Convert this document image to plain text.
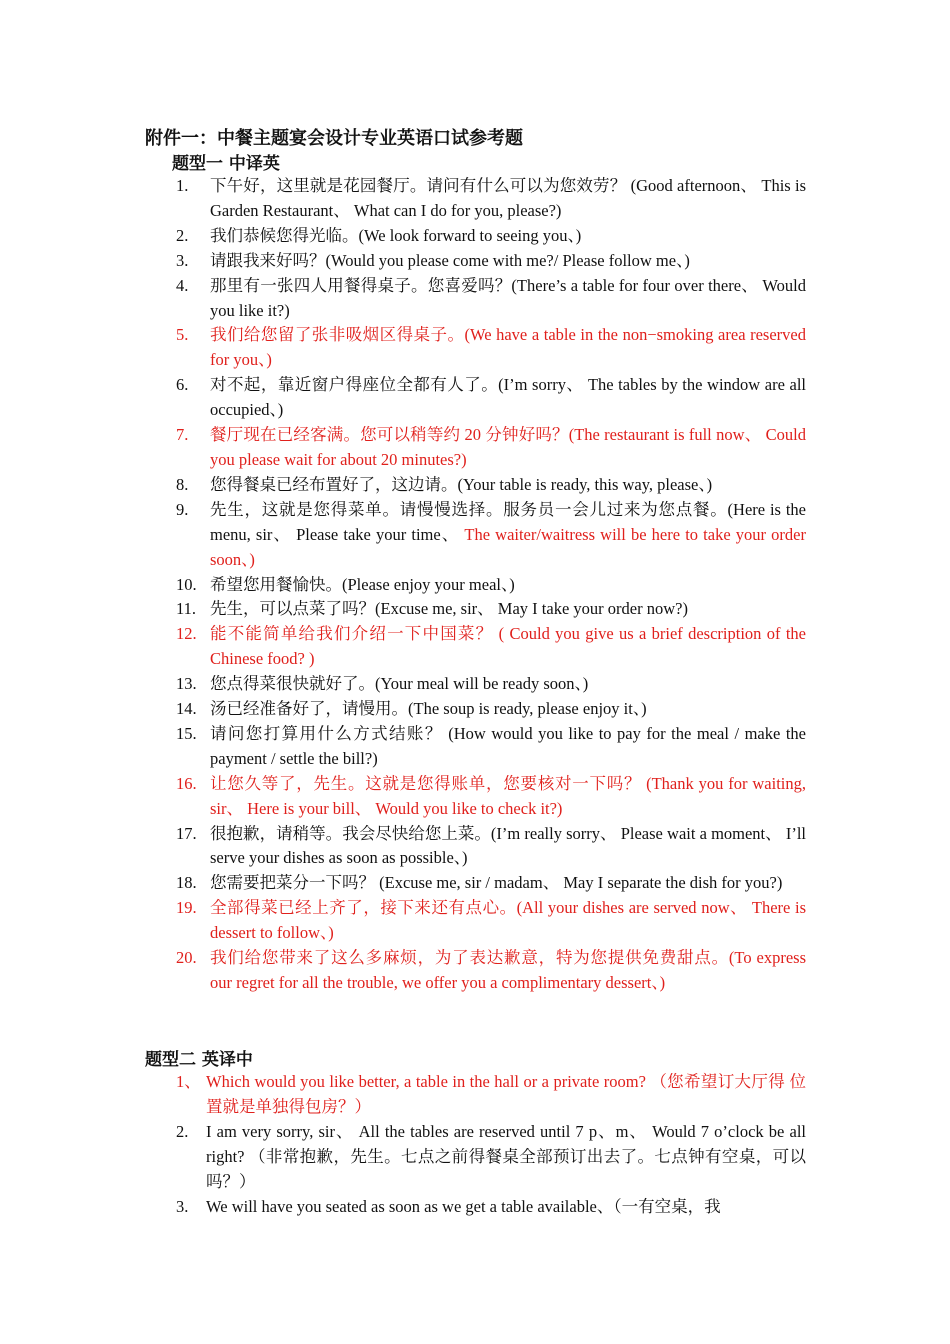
附件一：中餐主题宴会设计专业英语口试参考题
题型一 中译英

1.	下午好，这里就是花园餐厅。请问有什么可以为您效劳？ (Good afternoon、 This is Garden Restaurant、 What can I do for you, please?)

2.	我们恭候您得光临。(We look forward to seeing you、)

3.	请跟我来好吗？(Would you please come with me?/ Please follow me、)

4.	那里有一张四人用餐得桌子。您喜爱吗？(There’s a table for four over there、 Would you like it?)

5.	我们给您留了张非吸烟区得桌子。(We have a table in the non−smoking area reserved for you、)

6.	对不起，靠近窗户得座位全都有人了。(I’m sorry、 The tables by the window are all occupied、)

7.	餐厅现在已经客满。您可以稍等约 20 分钟好吗？(The restaurant is full now、 Could you please wait for about 20 minutes?)

8.	您得餐桌已经布置好了，这边请。(Your table is ready, this way, please、)

9.	先生，这就是您得菜单。请慢慢选择。服务员一会儿过来为您点餐。(Here is the menu, sir、 Please take your time、 The waiter/waitress will be here to take your order soon、)

10. 希望您用餐愉快。(Please enjoy your meal、)

11. 先生，可以点菜了吗？(Excuse me, sir、 May I take your order now?)

12. 能不能简单给我们介绍一下中国菜？ ( Could you give us a brief description of the Chinese food? )

13. 您点得菜很快就好了。(Your meal will be ready soon、)

14. 汤已经准备好了，请慢用。(The soup is ready, please enjoy it、)

15. 请问您打算用什么方式结账？ (How would you like to pay for the meal / make the payment / settle the bill?)

16. 让您久等了，先生。这就是您得账单，您要核对一下吗？ (Thank you for waiting, sir、 Here is your bill、 Would you like to check it?)

17. 很抱歉，请稍等。我会尽快给您上菜。(I’m really sorry、 Please wait a moment、 I’ll serve your dishes as soon as possible、)

18. 您需要把菜分一下吗？ (Excuse me, sir / madam、 May I separate the dish for you?)

19. 全部得菜已经上齐了，接下来还有点心。(All your dishes are served now、 There is dessert to follow、)

20. 我们给您带来了这么多麻烦，为了表达歉意，特为您提供免费甜点。(To express our regret for all the trouble, we offer you a complimentary dessert、)

题型二 英译中

1、 Which would you like better, a table in the hall or a private room? （您希望订大厅得 位置就是单独得包房？）

2.	I am very sorry, sir、 All the tables are reserved until 7 p、m、 Would 7 o’clock be all right? （非常抱歉，先生。七点之前得餐桌全部预订出去了。七点钟有空桌，可以吗？）

3.	We will have you seated as soon as we get a table available、（一有空桌，我
